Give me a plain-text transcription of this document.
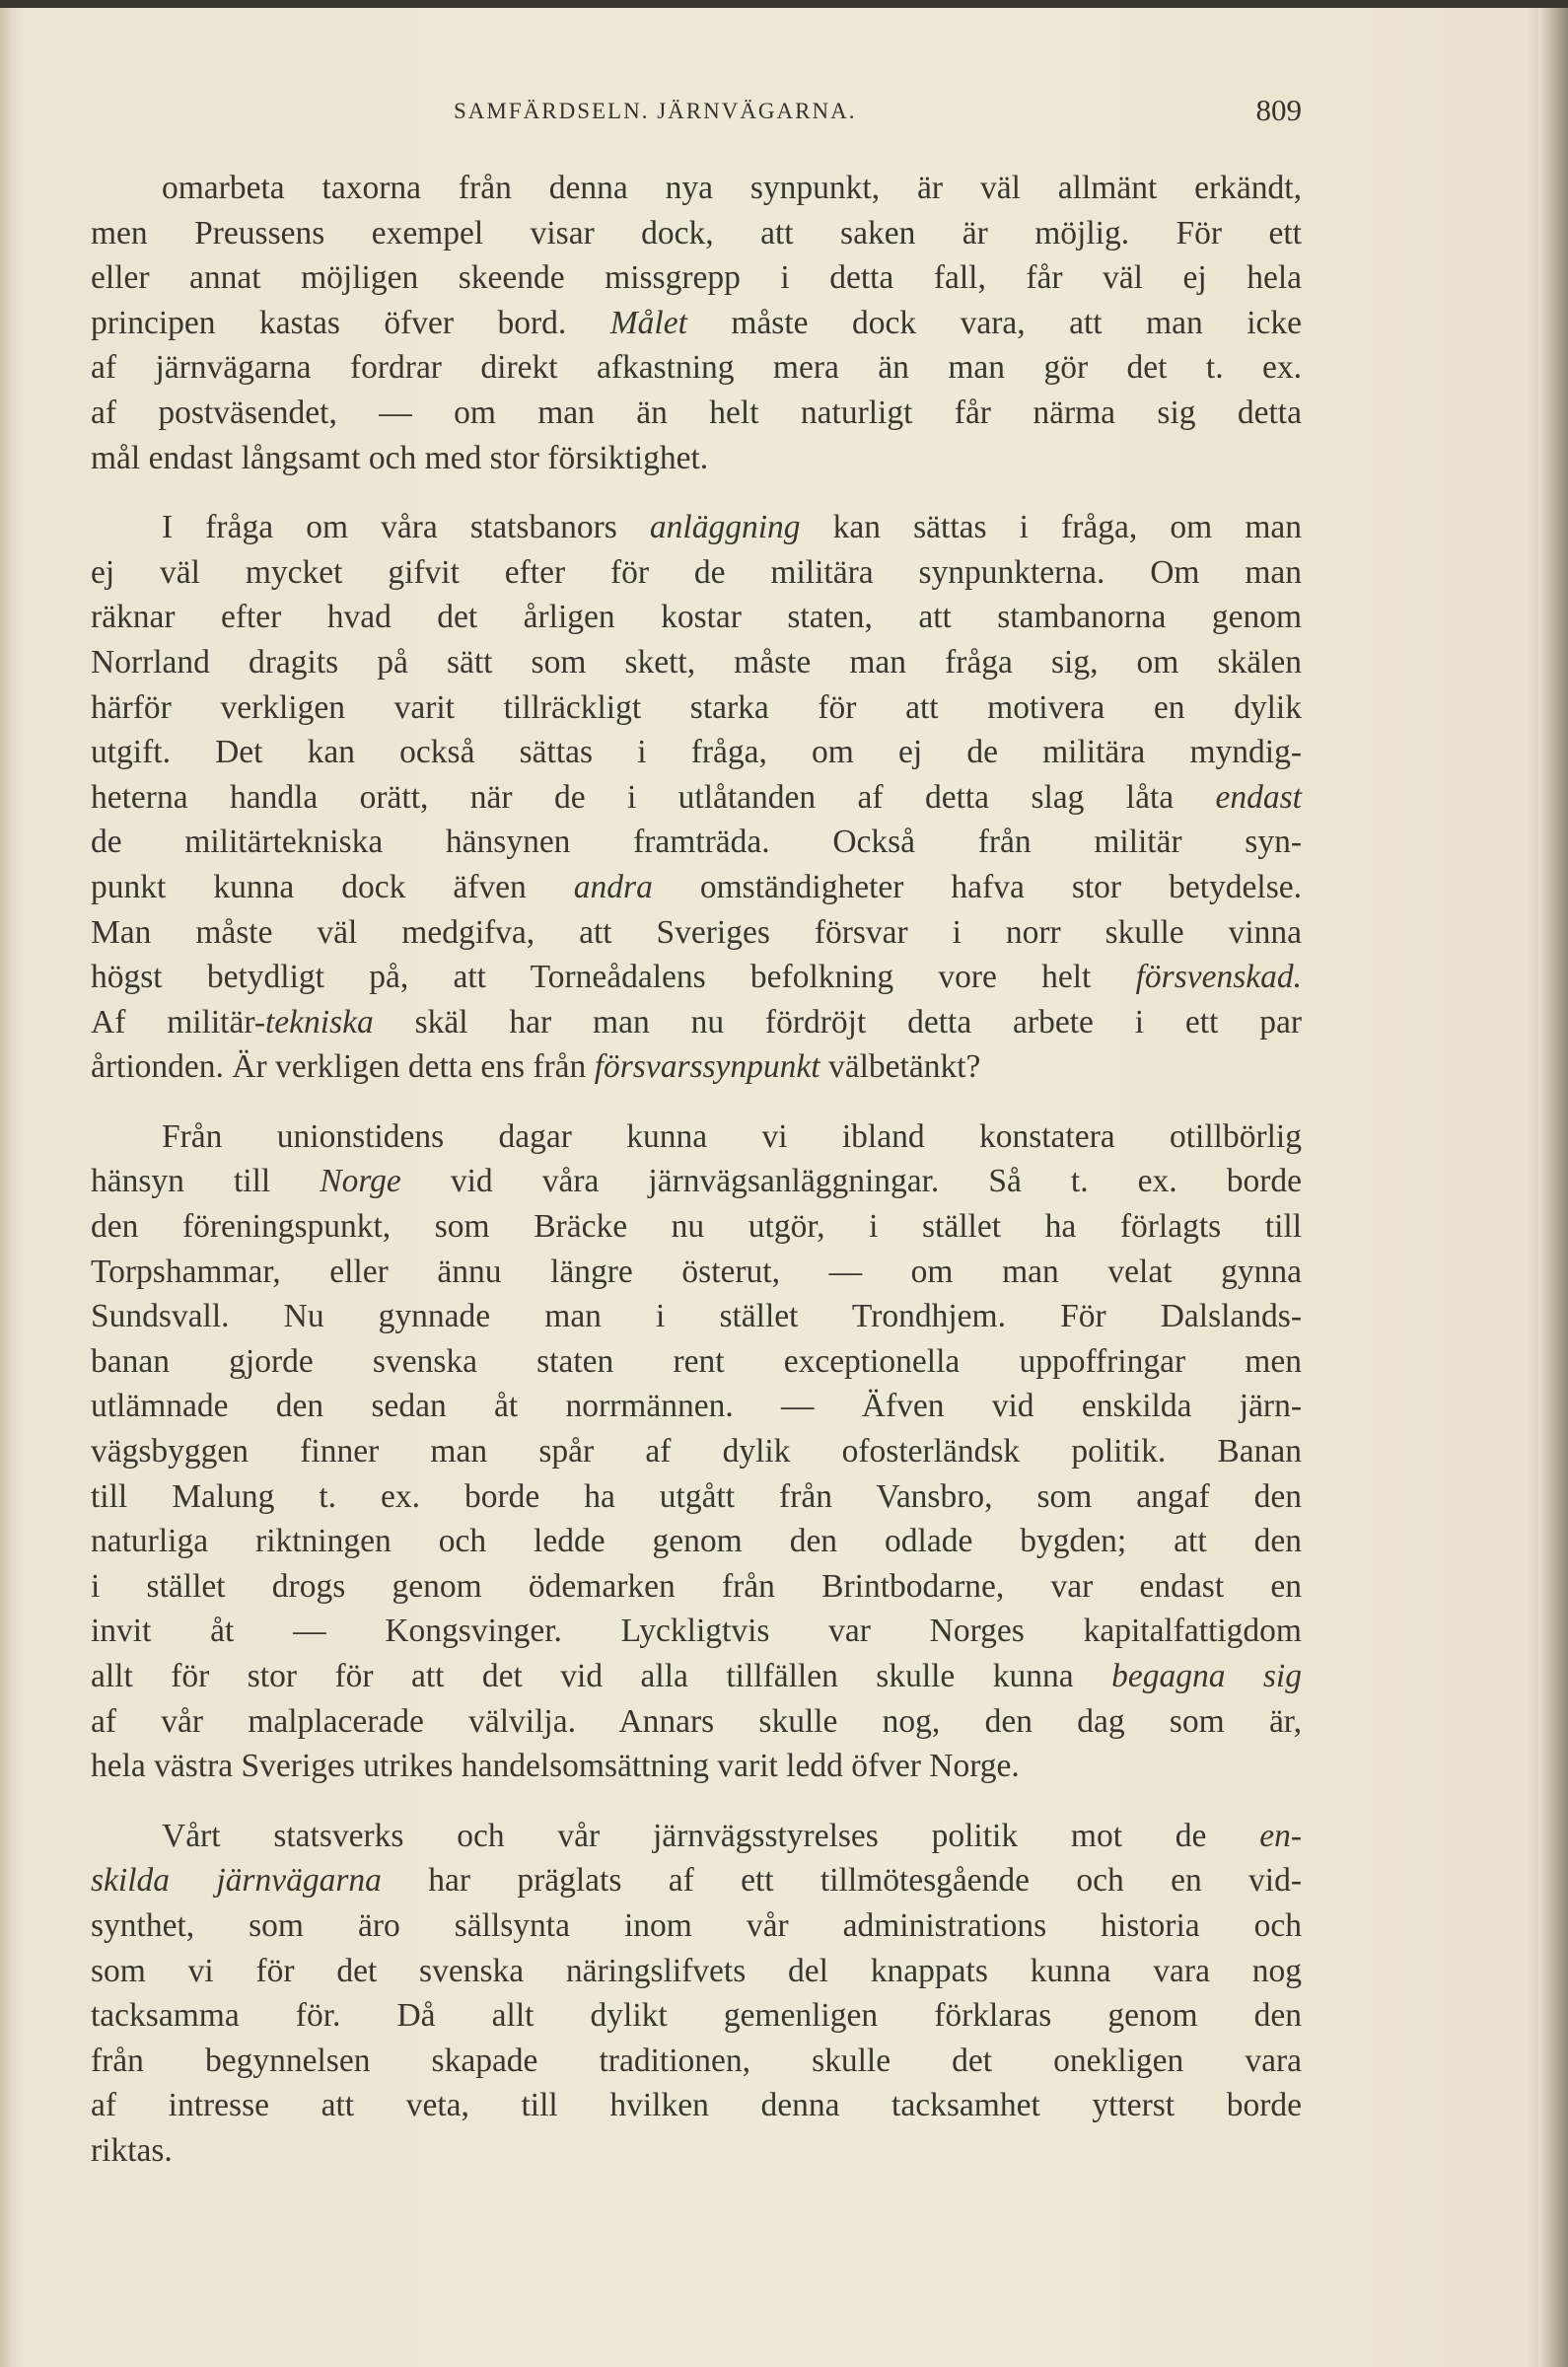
SAMFÄRDSELN. JÄRNVÄGARNA.	809
omarbeta taxorna från denna nya synpunkt, är väl allmänt erkändt,
men Preussens exempel visar dock, att saken är möjlig. För ett
eller annat möjligen skeende missgrepp i detta fall, får väl ej hela
principen kastas öfver bord. Målet måste dock vara, att man icke
af järnvägarna fordrar direkt afkastning mera än man gör det t. ex.
af postväsendet, — om man än helt naturligt får närma sig detta
mål endast långsamt och med stor försiktighet.
I fråga om våra statsbanors anläggning kan sättas i fråga, om man
ej väl mycket gifvit efter för de militära synpunkterna. Om man
räknar efter hvad det årligen kostar staten, att stambanorna genom
Norrland dragits på sätt som skett, måste man fråga sig, om skälen
härför verkligen varit tillräckligt starka för att motivera en dylik
utgift. Det kan också sättas i fråga, om ej de militära myndig-
heterna handla orätt, när de i utlåtanden af detta slag låta endast
de militärtekniska hänsynen framträda. Också från militär syn-
punkt kunna dock äfven andra omständigheter hafva stor betydelse.
Man måste väl medgifva, att Sveriges försvar i norr skulle vinna
högst betydligt på, att Torneådalens befolkning vore helt försvenskad.
Af militär-tekniska skäl har man nu fördröjt detta arbete i ett par
årtionden. Är verkligen detta ens från försvarssynpunkt välbetänkt?
Från unionstidens dagar kunna vi ibland konstatera otillbörlig
hänsyn till Norge vid våra järnvägsanläggningar. Så t. ex. borde
den föreningspunkt, som Bräcke nu utgör, i stället ha förlagts till
Torpshammar, eller ännu längre österut, — om man velat gynna
Sundsvall. Nu gynnade man i stället Trondhjem. För Dalslands-
banan gjorde svenska staten rent exceptionella uppoffringar men
utlämnade den sedan åt norrmännen. — Äfven vid enskilda järn-
vägsbyggen finner man spår af dylik ofosterländsk politik. Banan
till Malung t. ex. borde ha utgått från Vansbro, som angaf den
naturliga riktningen och ledde genom den odlade bygden; att den
i stället drogs genom ödemarken från Brintbodarne, var endast en
invit åt — Kongsvinger. Lyckligtvis var Norges kapitalfattigdom
allt för stor för att det vid alla tillfällen skulle kunna begagna sig
af vår malplacerade välvilja. Annars skulle nog, den dag som är,
hela västra Sveriges utrikes handelsomsättning varit ledd öfver Norge.
Vårt statsverks och vår järnvägsstyrelses politik mot de en-
skilda järnvägarna har präglats af ett tillmötesgående och en vid-
synthet, som äro sällsynta inom vår administrations historia och
som vi för det svenska näringslifvets del knappats kunna vara nog
tacksamma för. Då allt dylikt gemenligen förklaras genom den
från begynnelsen skapade traditionen, skulle det onekligen vara
af intresse att veta, till hvilken denna tacksamhet ytterst borde
riktas.
